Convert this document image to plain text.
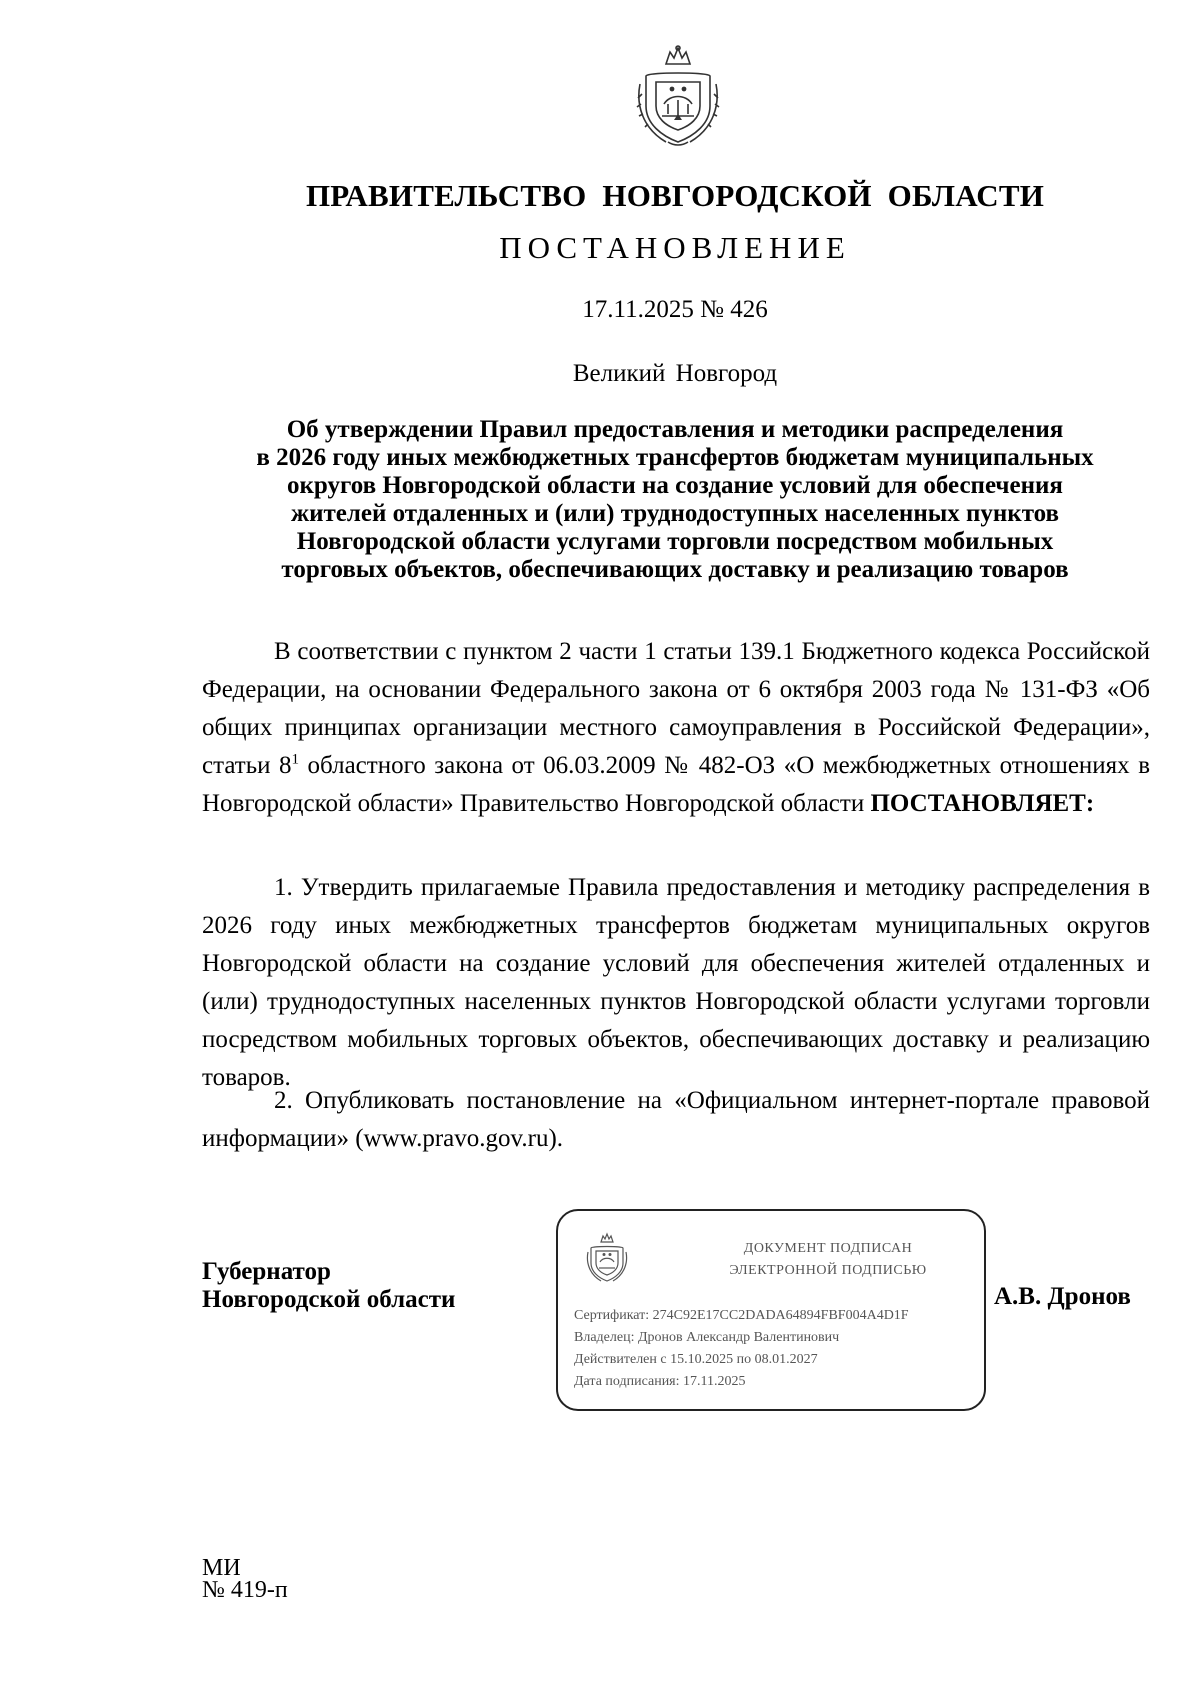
ПРАВИТЕЛЬСТВО НОВГОРОДСКОЙ ОБЛАСТИ
ПОСТАНОВЛЕНИЕ
17.11.2025 № 426
Великий Новгород
Об утверждении Правил предоставления и методики распределения
в 2026 году иных межбюджетных трансфертов бюджетам муниципальных
округов Новгородской области на создание условий для обеспечения
жителей отдаленных и (или) труднодоступных населенных пунктов
Новгородской области услугами торговли посредством мобильных
торговых объектов, обеспечивающих доставку и реализацию товаров

В соответствии с пунктом 2 части 1 статьи 139.1 Бюджетного кодекса Российской Федерации, на основании Федерального закона от 6 октября 2003 года № 131-ФЗ «Об общих принципах организации местного самоуправления в Российской Федерации», статьи $8^1$ областного закона от 06.03.2009 № 482-ОЗ «О межбюджетных отношениях в Новгородской области» Правительство Новгородской области ПОСТАНОВЛЯЕТ:

1. Утвердить прилагаемые Правила предоставления и методику распределения в 2026 году иных межбюджетных трансфертов бюджетам муниципальных округов Новгородской области на создание условий для обеспечения жителей отдаленных и (или) труднодоступных населенных пунктов Новгородской области услугами торговли посредством мобильных торговых объектов, обеспечивающих доставку и реализацию товаров.

2. Опубликовать постановление на «Официальном интернет-портале правовой информации» (www.pravo.gov.ru).

Губернатор
Новгородской области
ДОКУМЕНТ ПОДПИСАН
ЭЛЕКТРОННОЙ ПОДПИСЬЮ
Сертификат: 274C92E17CC2DADA64894FBF004A4D1F
Владелец: Дронов Александр Валентинович
Действителен с 15.10.2025 по 08.01.2027
Дата подписания: 17.11.2025
А.В. Дронов
МИ
№ 419-п
